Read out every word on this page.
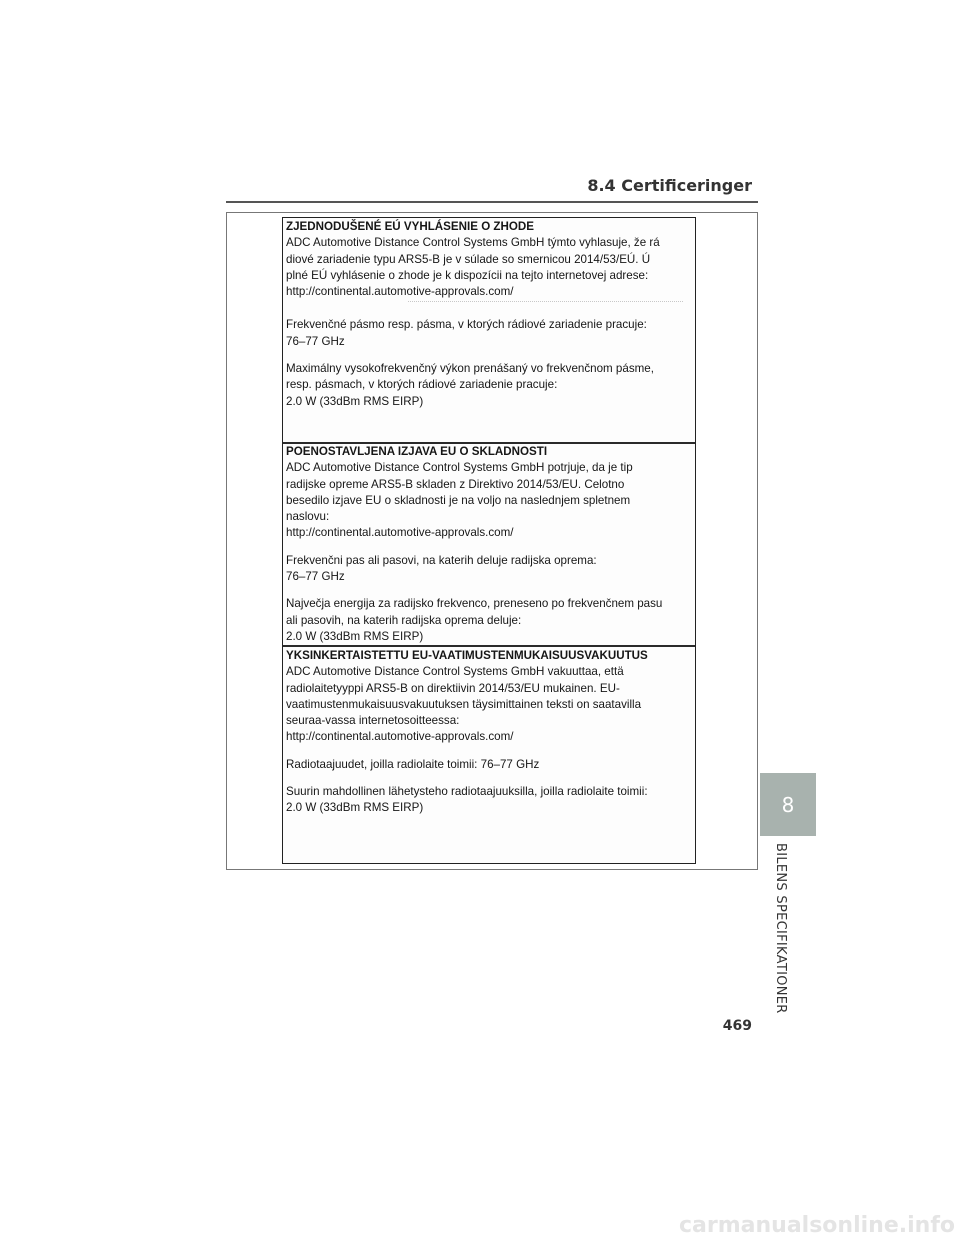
8.4 Certificeringer
ZJEDNODUŠENÉ EÚ VYHLÁSENIE O ZHODE
ADC Automotive Distance Control Systems GmbH týmto vyhlasuje, že rá
diové zariadenie typu ARS5-B je v súlade so smernicou 2014/53/EÚ. Ú
plné EÚ vyhlásenie o zhode je k dispozícii na tejto internetovej adrese:
http://continental.automotive-approvals.com/
Frekvenčné pásmo resp. pásma, v ktorých rádiové zariadenie pracuje:
76–77 GHz
Maximálny vysokofrekvenčný výkon prenášaný vo frekvenčnom pásme,
resp. pásmach, v ktorých rádiové zariadenie pracuje:
2.0 W (33dBm RMS EIRP)
POENOSTAVLJENA IZJAVA EU O SKLADNOSTI
ADC Automotive Distance Control Systems GmbH potrjuje, da je tip
radijske opreme ARS5-B skladen z Direktivo 2014/53/EU. Celotno
besedilo izjave EU o skladnosti je na voljo na naslednjem spletnem
naslovu:
http://continental.automotive-approvals.com/
Frekvenčni pas ali pasovi, na katerih deluje radijska oprema:
76–77 GHz
Največja energija za radijsko frekvenco, preneseno po frekvenčnem pasu
ali pasovih, na katerih radijska oprema deluje:
2.0 W (33dBm RMS EIRP)
YKSINKERTAISTETTU EU-VAATIMUSTENMUKAISUUSVAKUUTUS
ADC Automotive Distance Control Systems GmbH vakuuttaa, että
radiolaitetyyppi ARS5-B on direktiivin 2014/53/EU mukainen. EU-
vaatimustenmukaisuusvakuutuksen täysimittainen teksti on saatavilla
seuraa-vassa internetosoitteessa:
http://continental.automotive-approvals.com/
Radiotaajuudet, joilla radiolaite toimii: 76–77 GHz
Suurin mahdollinen lähetysteho radiotaajuuksilla, joilla radiolaite toimii:
2.0 W (33dBm RMS EIRP)	8
BILENS SPECIFIKATIONER
469
carmanualsonline.info
